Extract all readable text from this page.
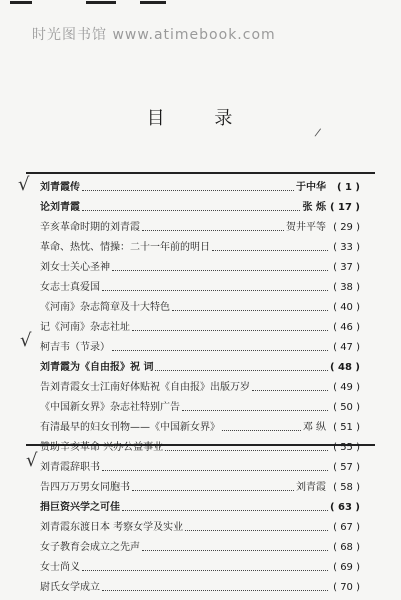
时光图书馆 www.atimebook.com
目 录
/
√
√
√
刘青霞传	于中华	( 1 )
论刘青霞	张 烁 ( 17 )
辛亥革命时期的刘青霞	贺井平等 ( 29 )
革命、热忱、情操：二十一年前的明日	( 33 )
刘女士关心圣神	( 37 )
女志士真爱国	( 38 )
《河南》杂志简章及十大特色	( 40 )
记《河南》杂志社址	( 46 )
柯吉韦（节录）	( 47 )
刘青霞为《自由报》祝 词	( 48 )
告刘青霞女士江南好体贴祝《自由报》出版万岁	( 49 )
《中国新女界》杂志社特别广告	( 50 )
有清最早的妇女刊物——《中国新女界》	邓 纵 ( 51 )
赞助辛亥革命 兴办公益事业	( 55 )
刘青霞辞职书	( 57 )
告四万万男女同胞书	刘青霞 ( 58 )
捐巨资兴学之可佳	( 63 )
刘青霞东渡日本 考察女学及实业	( 67 )
女子教育会成立之先声	( 68 )
女士尚义	( 69 )
尉氏女学成立	( 70 )
